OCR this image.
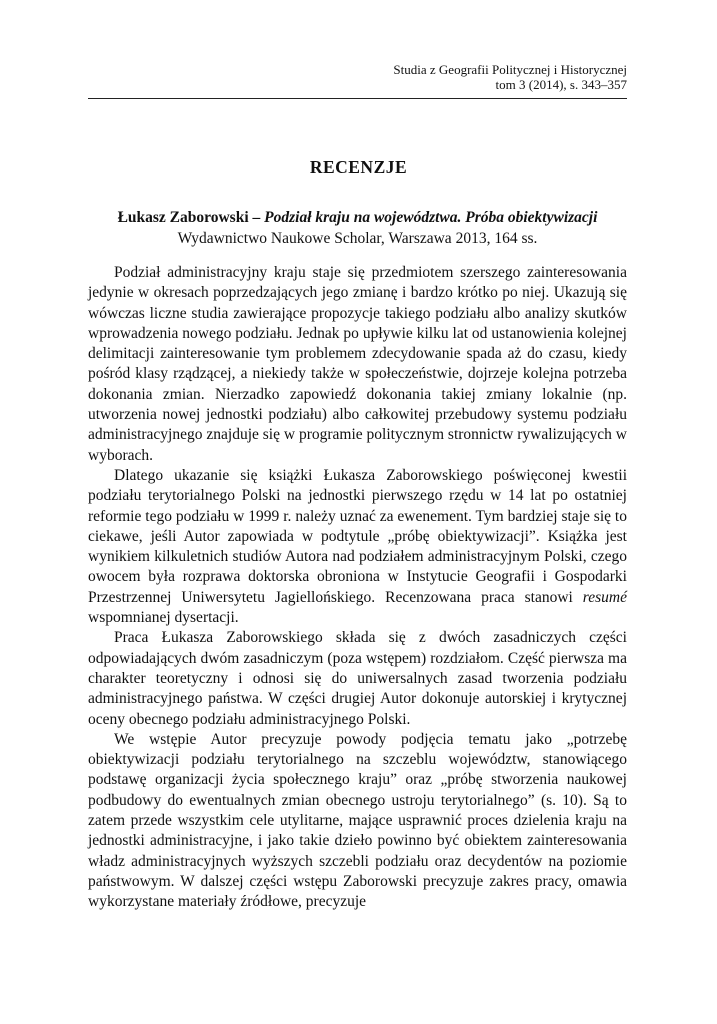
Studia z Geografii Politycznej i Historycznej
tom 3 (2014), s. 343–357
RECENZJE
Łukasz Zaborowski – Podział kraju na województwa. Próba obiektywizacji
Wydawnictwo Naukowe Scholar, Warszawa 2013, 164 ss.

Podział administracyjny kraju staje się przedmiotem szerszego zainteresowania jedynie w okresach poprzedzających jego zmianę i bardzo krótko po niej. Ukazują się wówczas liczne studia zawierające propozycje takiego podziału albo analizy skutków wprowadzenia nowego podziału. Jednak po upływie kilku lat od ustanowienia kolejnej delimitacji zainteresowanie tym problemem zdecydowanie spada aż do czasu, kiedy pośród klasy rządzącej, a niekiedy także w społeczeństwie, dojrzeje kolejna potrzeba dokonania zmian. Nierzadko zapowiedź dokonania takiej zmiany lokalnie (np. utworzenia nowej jednostki podziału) albo całkowitej przebudowy systemu podziału administracyjnego znajduje się w programie politycznym stronnictw rywalizujących w wyborach.

Dlatego ukazanie się książki Łukasza Zaborowskiego poświęconej kwestii podziału terytorialnego Polski na jednostki pierwszego rzędu w 14 lat po ostatniej reformie tego podziału w 1999 r. należy uznać za ewenement. Tym bardziej staje się to ciekawe, jeśli Autor zapowiada w podtytule „próbę obiektywizacji”. Książka jest wynikiem kilkuletnich studiów Autora nad podziałem administracyjnym Polski, czego owocem była rozprawa doktorska obroniona w Instytucie Geografii i Gospodarki Przestrzennej Uniwersytetu Jagiellońskiego. Recenzowana praca stanowi resumé wspomnianej dysertacji.

Praca Łukasza Zaborowskiego składa się z dwóch zasadniczych części odpowiadających dwóm zasadniczym (poza wstępem) rozdziałom. Część pierwsza ma charakter teoretyczny i odnosi się do uniwersalnych zasad tworzenia podziału administracyjnego państwa. W części drugiej Autor dokonuje autorskiej i krytycznej oceny obecnego podziału administracyjnego Polski.

We wstępie Autor precyzuje powody podjęcia tematu jako „potrzebę obiektywizacji podziału terytorialnego na szczeblu województw, stanowiącego podstawę organizacji życia społecznego kraju” oraz „próbę stworzenia naukowej podbudowy do ewentualnych zmian obecnego ustroju terytorialnego” (s. 10). Są to zatem przede wszystkim cele utylitarne, mające usprawnić proces dzielenia kraju na jednostki administracyjne, i jako takie dzieło powinno być obiektem zainteresowania władz administracyjnych wyższych szczebli podziału oraz decydentów na poziomie państwowym. W dalszej części wstępu Zaborowski precyzuje zakres pracy, omawia wykorzystane materiały źródłowe, precyzuje
